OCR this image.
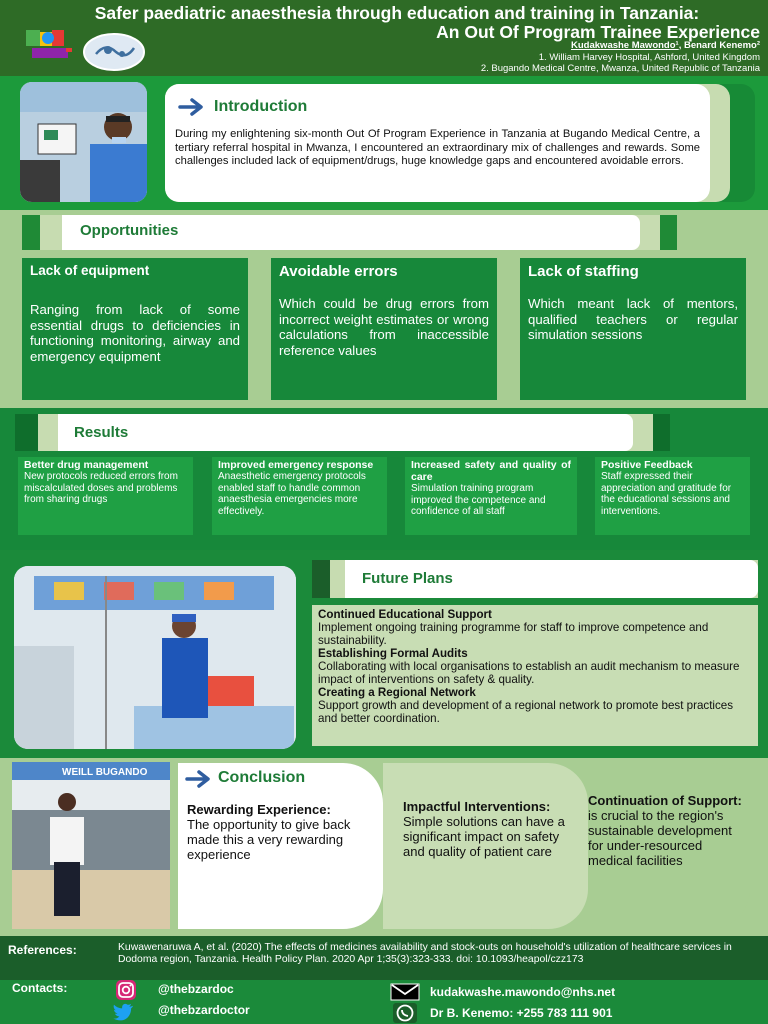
Safer paediatric anaesthesia through education and training in Tanzania:
An Out Of Program Trainee Experience
Kudakwashe Mawondo¹, Benard Kenemo²
1. William Harvey Hospital, Ashford, United Kingdom
2. Bugando Medical Centre, Mwanza, United Republic of Tanzania
Introduction
During my enlightening six-month Out Of Program Experience in Tanzania at Bugando Medical Centre, a tertiary referral hospital in Mwanza, I encountered an extraordinary mix of challenges and rewards. Some challenges included lack of equipment/drugs, huge knowledge gaps and encountered avoidable errors.
Opportunities
Lack of equipment
Ranging from lack of some essential drugs to deficiencies in functioning monitoring, airway and emergency equipment
Avoidable errors
Which could be drug errors from incorrect weight estimates or wrong calculations from inaccessible reference values
Lack of staffing
Which meant lack of mentors, qualified teachers or regular simulation sessions
Results
Better drug management
New protocols reduced errors from miscalculated doses and problems from sharing drugs
Improved emergency response
Anaesthetic emergency protocols enabled staff to handle common anaesthesia emergencies more effectively.
Increased safety and quality of care
Simulation training program improved the competence and confidence of all staff
Positive Feedback
Staff expressed their appreciation and gratitude for the educational sessions and interventions.
Future Plans
Continued Educational Support
Implement ongoing training programme for staff to improve competence and sustainability.
Establishing Formal Audits
Collaborating with local organisations to establish an audit mechanism to measure impact of interventions on safety & quality.
Creating a Regional Network
Support growth and development of a regional network to promote best practices and better coordination.
WEILL BUGANDO	Conclusion
Rewarding Experience:
The opportunity to give back made this a very rewarding experience
Impactful Interventions:
Simple solutions can have a significant impact on safety and quality of patient care
Continuation of Support: is crucial to the region's sustainable development for under-resourced medical facilities
References:	Kuwawenaruwa A, et al. (2020) The effects of medicines availability and stock-outs on household's utilization of healthcare services in Dodoma region, Tanzania. Health Policy Plan. 2020 Apr 1;35(3):323-333. doi: 10.1093/heapol/czz173
Contacts:	@thebzardoc
@thebzardoctor
kudakwashe.mawondo@nhs.net
Dr B. Kenemo: +255 783 111 901
